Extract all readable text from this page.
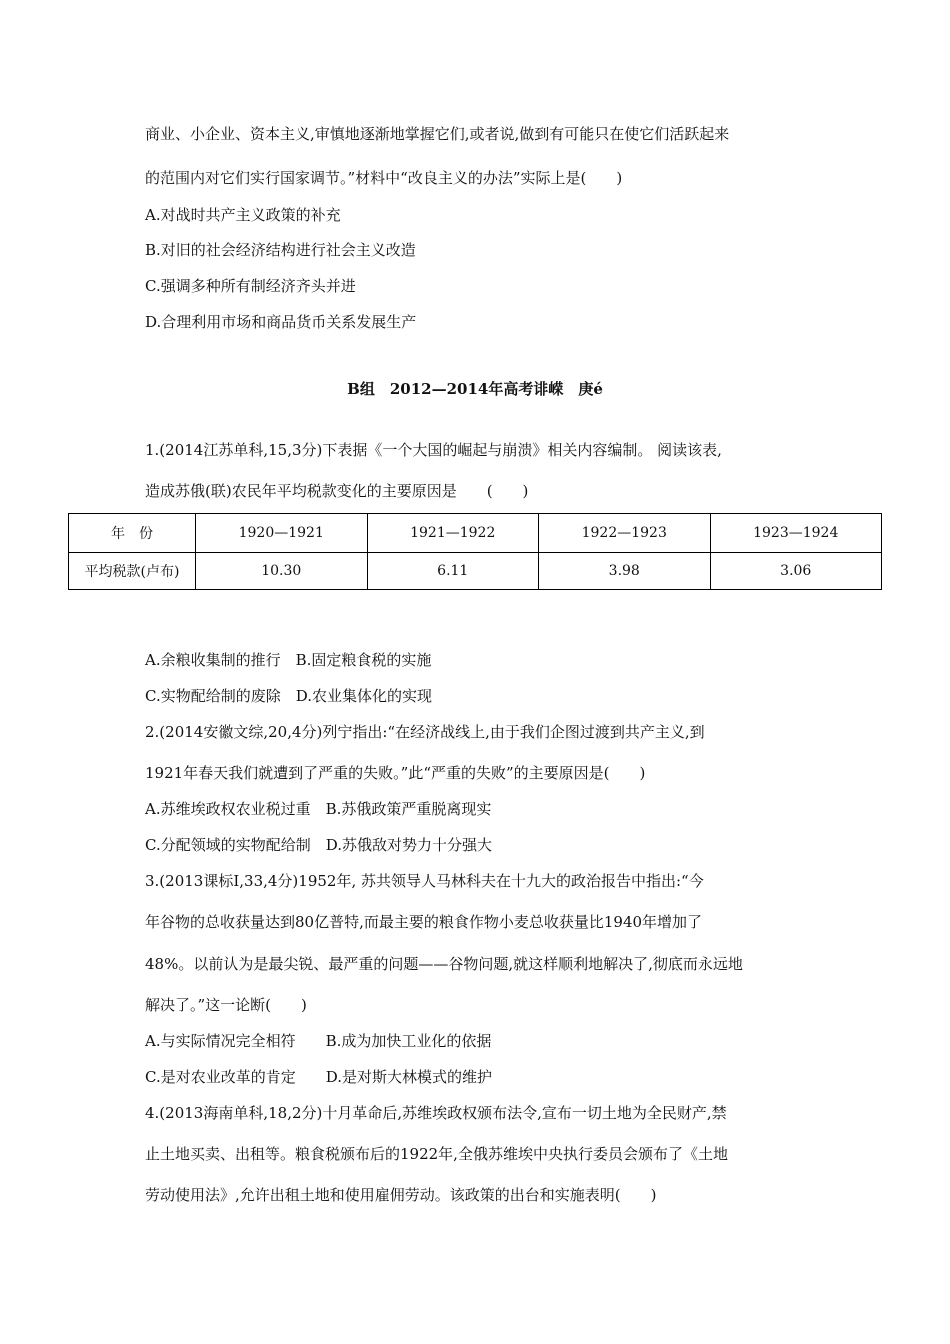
商业、小企业、资本主义,审慎地逐渐地掌握它们,或者说,做到有可能只在使它们活跃起来
的范围内对它们实行国家调节。”材料中“改良主义的办法”实际上是(　　)
A.对战时共产主义政策的补充
B.对旧的社会经济结构进行社会主义改造
C.强调多种所有制经济齐头并进
D.合理利用市场和商品货币关系发展生产
B组　2012—2014年高考诽嵘　庚é
1.(2014江苏单科,15,3分)下表据《一个大国的崛起与崩溃》相关内容编制。 阅读该表,
造成苏俄(联)农民年平均税款变化的主要原因是　　(　　)
年　份	1920—1921	1921—1922	1922—1923	1923—1924
平均税款(卢布)	10.30	6.11	3.98	3.06
A.余粮收集制的推行　B.固定粮食税的实施
C.实物配给制的废除　D.农业集体化的实现
2.(2014安徽文综,20,4分)列宁指出:“在经济战线上,由于我们企图过渡到共产主义,到
1921年春天我们就遭到了严重的失败。”此“严重的失败”的主要原因是(　　)
A.苏维埃政权农业税过重　B.苏俄政策严重脱离现实
C.分配领域的实物配给制　D.苏俄敌对势力十分强大
3.(2013课标Ⅰ,33,4分)1952年, 苏共领导人马林科夫在十九大的政治报告中指出:“今
年谷物的总收获量达到80亿普特,而最主要的粮食作物小麦总收获量比1940年增加了
48%。以前认为是最尖锐、最严重的问题——谷物问题,就这样顺利地解决了,彻底而永远地
解决了。”这一论断(　　)
A.与实际情况完全相符　　B.成为加快工业化的依据
C.是对农业改革的肯定　　D.是对斯大林模式的维护
4.(2013海南单科,18,2分)十月革命后,苏维埃政权颁布法令,宣布一切土地为全民财产,禁
止土地买卖、出租等。粮食税颁布后的1922年,全俄苏维埃中央执行委员会颁布了《土地
劳动使用法》,允许出租土地和使用雇佣劳动。该政策的出台和实施表明(　　)
